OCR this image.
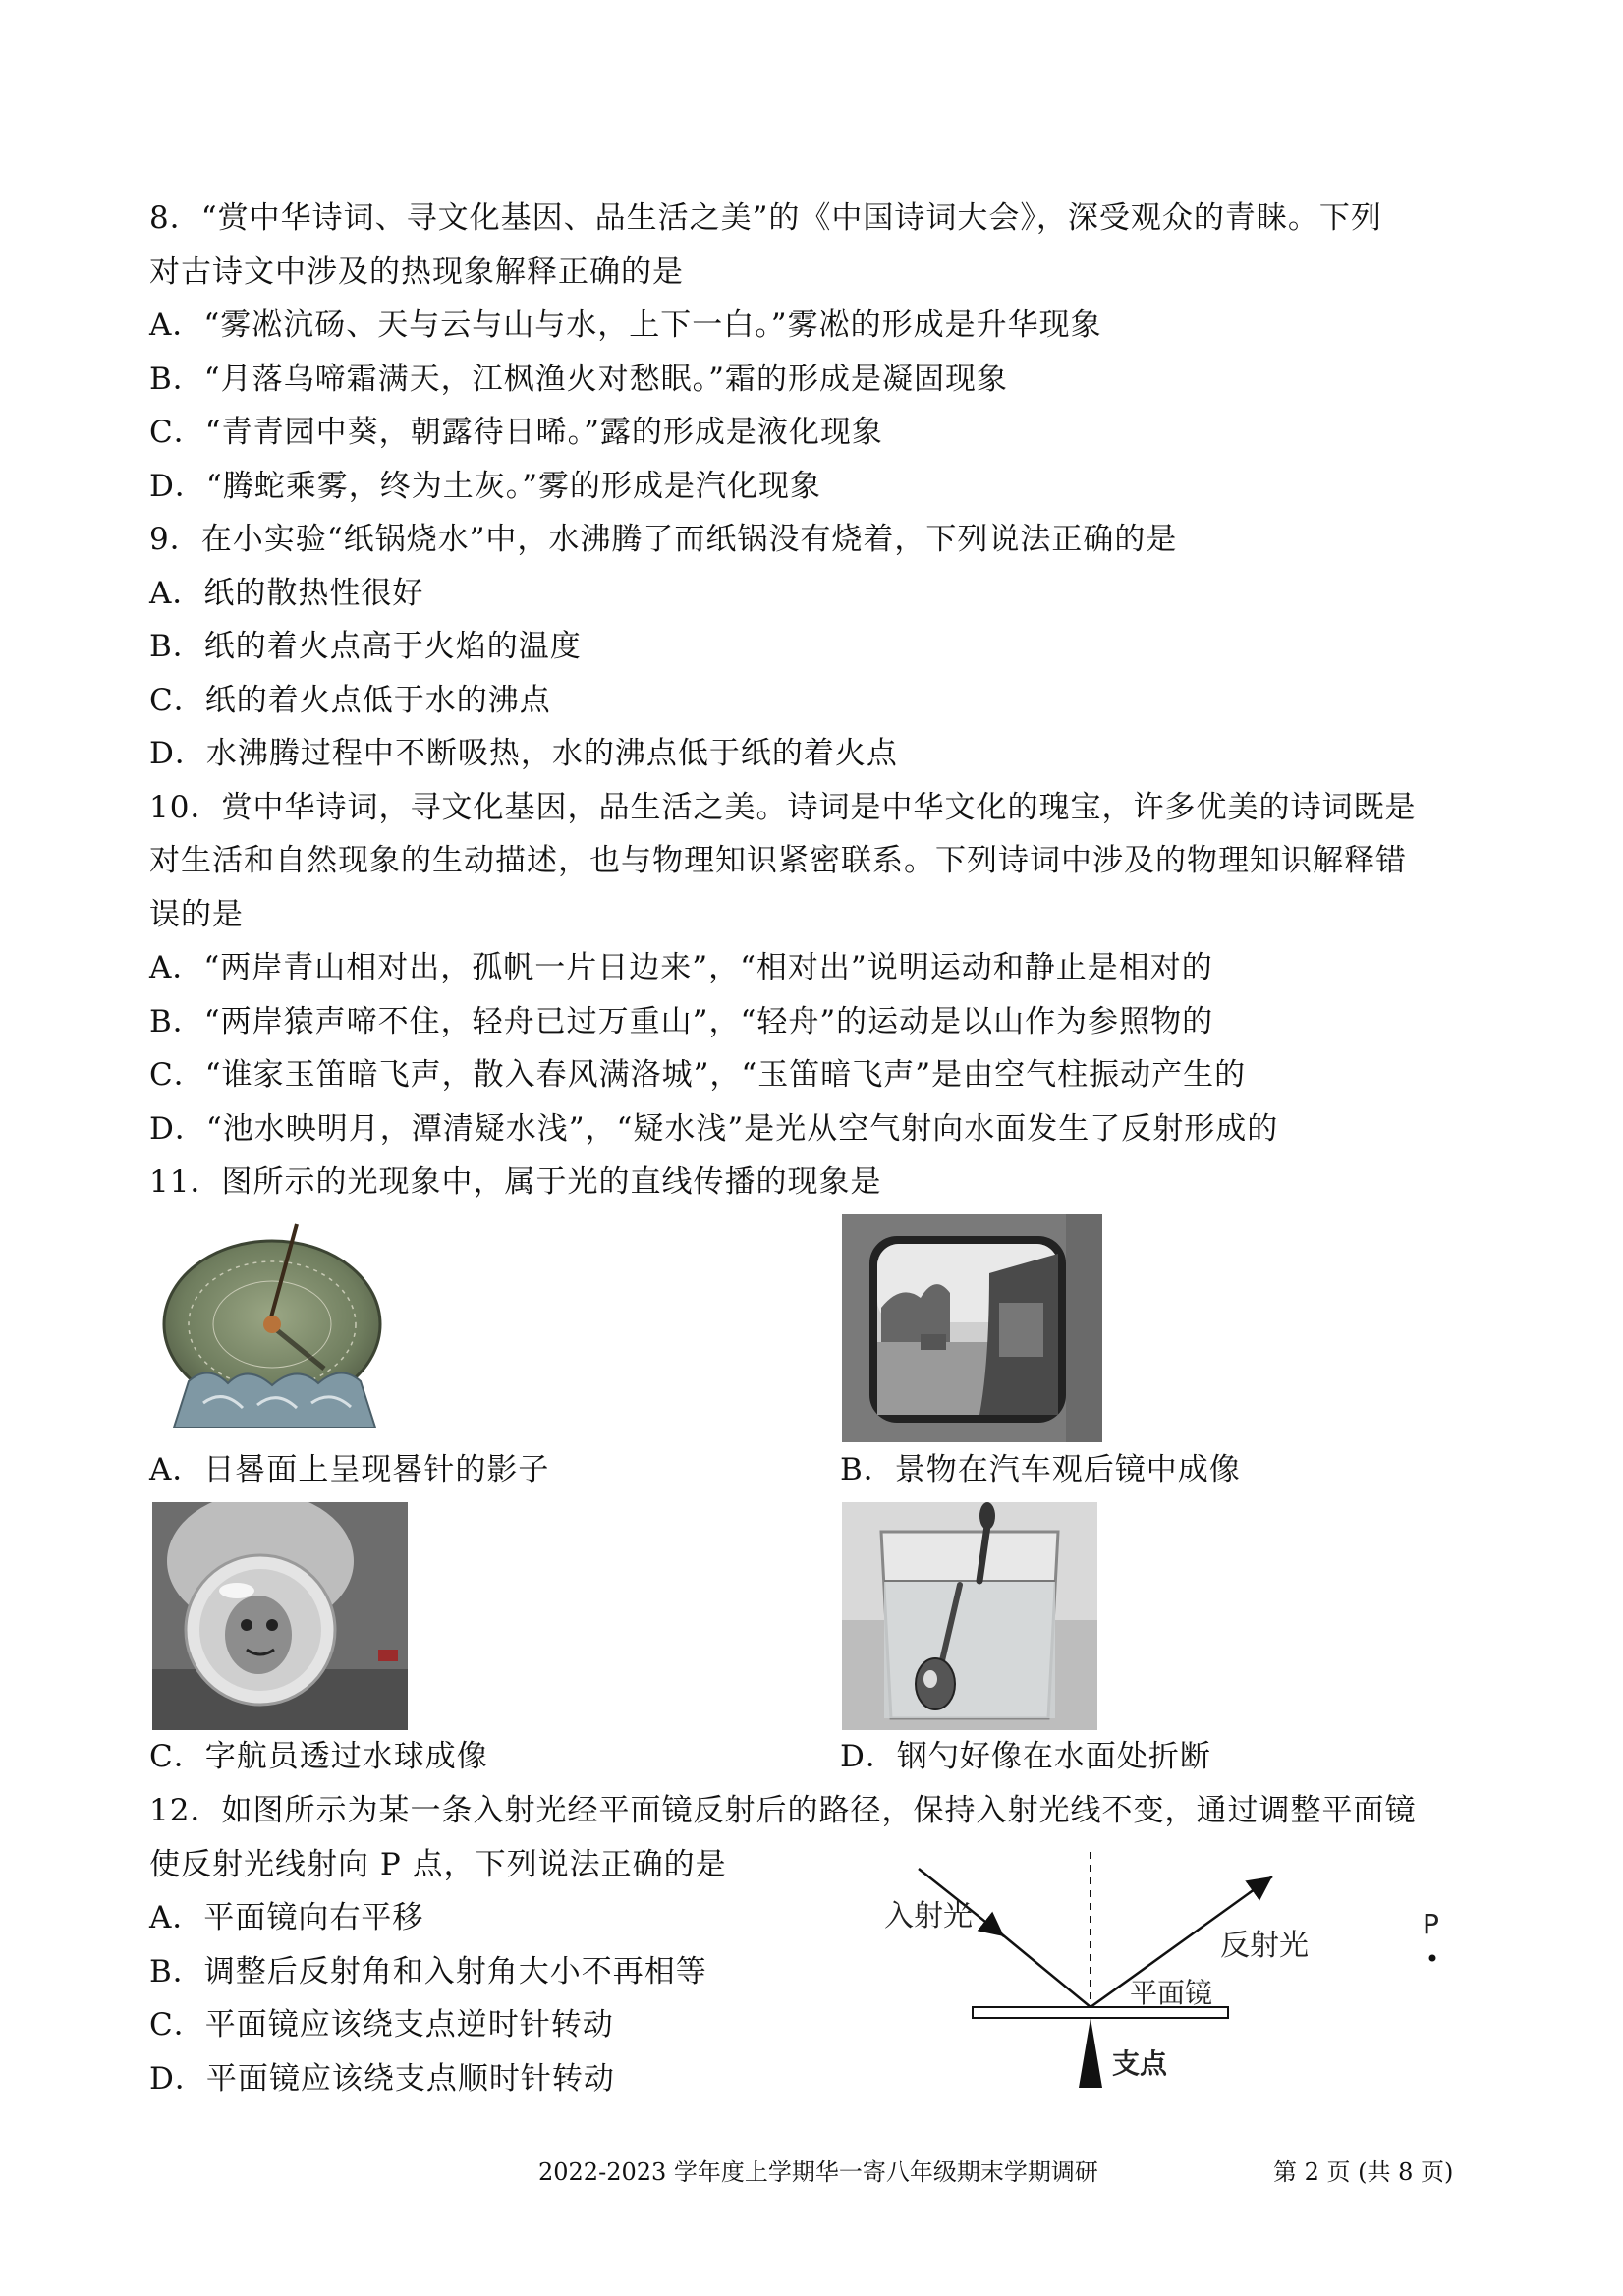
8．“赏中华诗词、寻文化基因、品生活之美”的《中国诗词大会》，深受观众的青睐。下列
对古诗文中涉及的热现象解释正确的是
A．“雾凇沆砀、天与云与山与水，上下一白。”雾凇的形成是升华现象
B．“月落乌啼霜满天，江枫渔火对愁眠。”霜的形成是凝固现象
C．“青青园中葵，朝露待日晞。”露的形成是液化现象
D．“腾蛇乘雾，终为土灰。”雾的形成是汽化现象
9．在小实验“纸锅烧水”中，水沸腾了而纸锅没有烧着，下列说法正确的是
A．纸的散热性很好
B．纸的着火点高于火焰的温度
C．纸的着火点低于水的沸点
D．水沸腾过程中不断吸热，水的沸点低于纸的着火点
10．赏中华诗词，寻文化基因，品生活之美。诗词是中华文化的瑰宝，许多优美的诗词既是
对生活和自然现象的生动描述，也与物理知识紧密联系。下列诗词中涉及的物理知识解释错
误的是
A．“两岸青山相对出，孤帆一片日边来”，“相对出”说明运动和静止是相对的
B．“两岸猿声啼不住，轻舟已过万重山”，“轻舟”的运动是以山作为参照物的
C．“谁家玉笛暗飞声，散入春风满洛城”，“玉笛暗飞声”是由空气柱振动产生的
D．“池水映明月，潭清疑水浅”，“疑水浅”是光从空气射向水面发生了反射形成的
11．图所示的光现象中，属于光的直线传播的现象是
A．日晷面上呈现晷针的影子	B．景物在汽车观后镜中成像
C．字航员透过水球成像	D．钢勺好像在水面处折断
12．如图所示为某一条入射光经平面镜反射后的路径，保持入射光线不变，通过调整平面镜
使反射光线射向 P 点，下列说法正确的是
A．平面镜向右平移
B．调整后反射角和入射角大小不再相等
C．平面镜应该绕支点逆时针转动
D．平面镜应该绕支点顺时针转动
入射光
反射光
平面镜
支点
P
2022-2023 学年度上学期华一寄八年级期末学期调研	第 2 页 (共 8 页)
